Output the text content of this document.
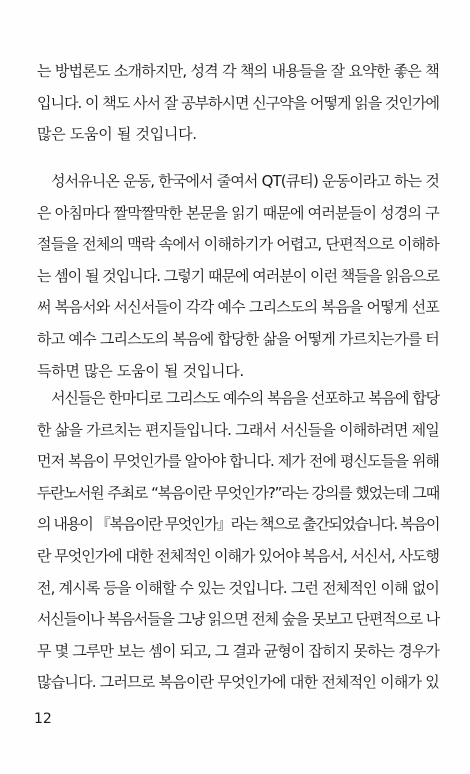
는 방법론도 소개하지만, 성격 각 책의 내용들을 잘 요약한 좋은 책
입니다. 이 책도 사서 잘 공부하시면 신구약을 어떻게 읽을 것인가에
많은 도움이 될 것입니다.
성서유니온 운동, 한국에서 줄여서 QT(큐티) 운동이라고 하는 것
은 아침마다 짤막짤막한 본문을 읽기 때문에 여러분들이 성경의 구
절들을 전체의 맥락 속에서 이해하기가 어렵고, 단편적으로 이해하
는 셈이 될 것입니다. 그렇기 때문에 여러분이 이런 책들을 읽음으로
써 복음서와 서신서들이 각각 예수 그리스도의 복음을 어떻게 선포
하고 예수 그리스도의 복음에 합당한 삶을 어떻게 가르치는가를 터
득하면 많은 도움이 될 것입니다.
서신들은 한마디로 그리스도 예수의 복음을 선포하고 복음에 합당
한 삶을 가르치는 편지들입니다. 그래서 서신들을 이해하려면 제일
먼저 복음이 무엇인가를 알아야 합니다. 제가 전에 평신도들을 위해
두란노서원 주최로 “복음이란 무엇인가?”라는 강의를 했었는데 그때
의 내용이 『복음이란 무엇인가』라는 책으로 출간되었습니다. 복음이
란 무엇인가에 대한 전체적인 이해가 있어야 복음서, 서신서, 사도행
전, 계시록 등을 이해할 수 있는 것입니다. 그런 전체적인 이해 없이
서신들이나 복음서들을 그냥 읽으면 전체 숲을 못보고 단편적으로 나
무 몇 그루만 보는 셈이 되고, 그 결과 균형이 잡히지 못하는 경우가
많습니다. 그러므로 복음이란 무엇인가에 대한 전체적인 이해가 있
12
